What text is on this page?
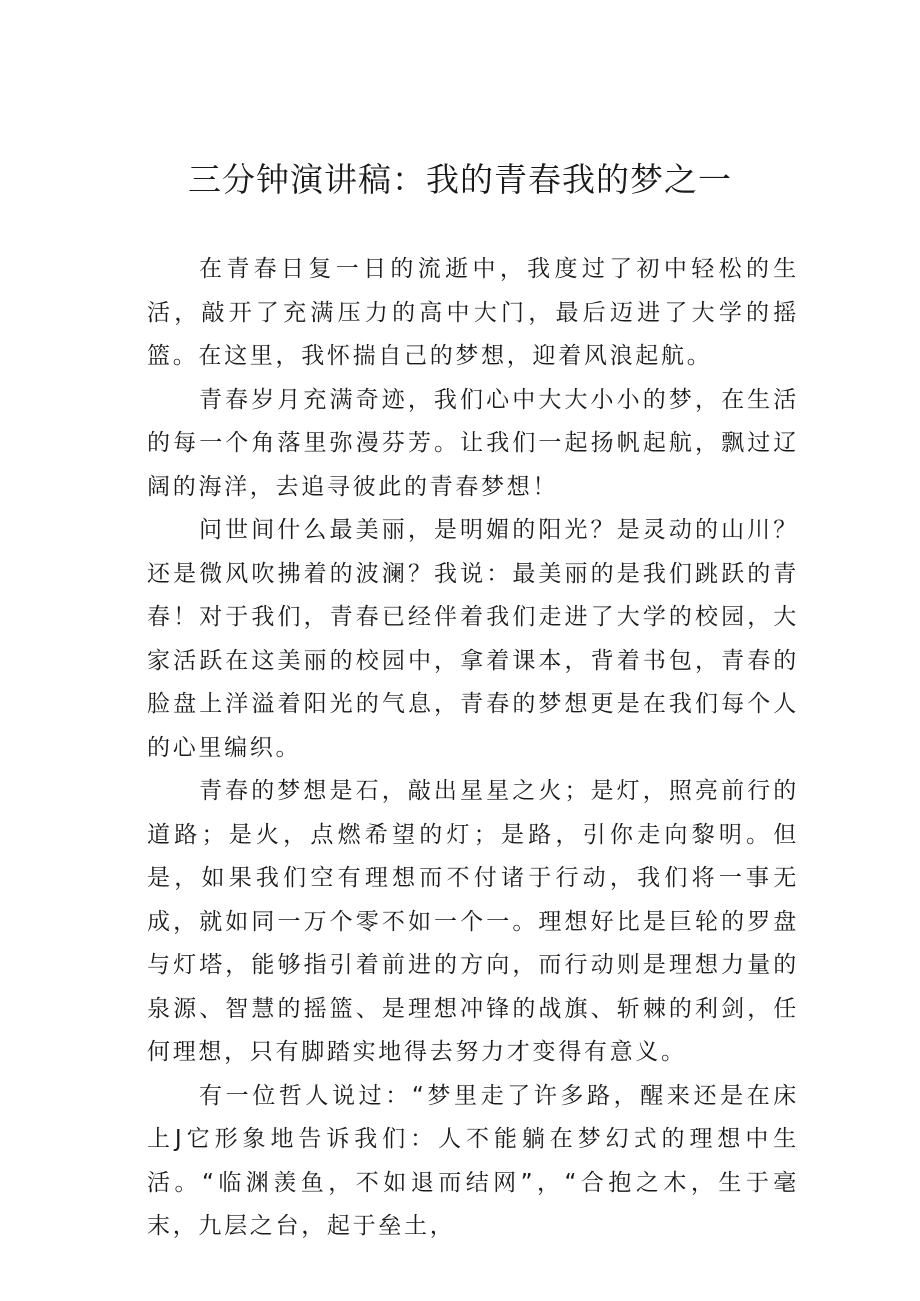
三分钟演讲稿：我的青春我的梦之一

在青春日复一日的流逝中，我度过了初中轻松的生活，敲开了充满压力的高中大门，最后迈进了大学的摇篮。在这里，我怀揣自己的梦想，迎着风浪起航。

青春岁月充满奇迹，我们心中大大小小的梦，在生活的每一个角落里弥漫芬芳。让我们一起扬帆起航，飘过辽阔的海洋，去追寻彼此的青春梦想！

问世间什么最美丽，是明媚的阳光？是灵动的山川？还是微风吹拂着的波澜？我说：最美丽的是我们跳跃的青春！对于我们，青春已经伴着我们走进了大学的校园，大家活跃在这美丽的校园中，拿着课本，背着书包，青春的脸盘上洋溢着阳光的气息，青春的梦想更是在我们每个人的心里编织。

青春的梦想是石，敲出星星之火；是灯，照亮前行的道路；是火，点燃希望的灯；是路，引你走向黎明。但是，如果我们空有理想而不付诸于行动，我们将一事无成，就如同一万个零不如一个一。理想好比是巨轮的罗盘与灯塔，能够指引着前进的方向，而行动则是理想力量的泉源、智慧的摇篮、是理想冲锋的战旗、斩棘的利剑，任何理想，只有脚踏实地得去努力才变得有意义。

有一位哲人说过：“梦里走了许多路，醒来还是在床上J它形象地告诉我们：人不能躺在梦幻式的理想中生活。“临渊羡鱼，不如退而结网”，“合抱之木，生于毫末，九层之台，起于垒土，
